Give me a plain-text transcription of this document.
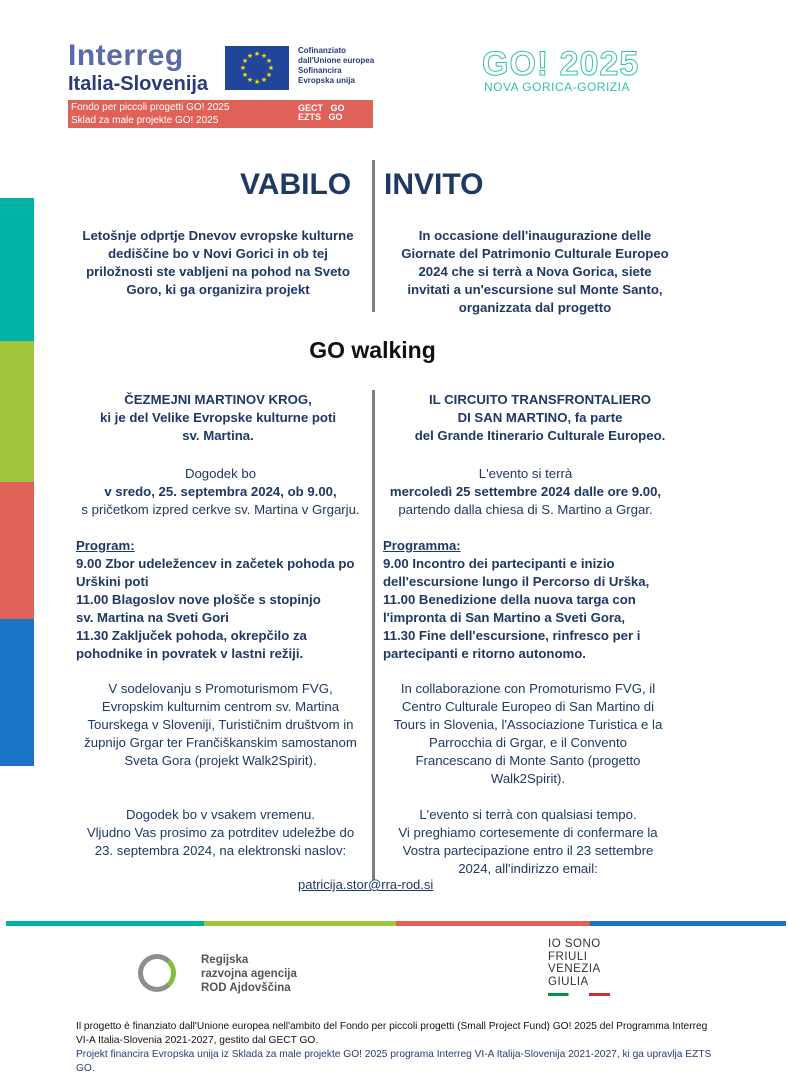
Interreg
Italia-Slovenija
★ ★
★
★
★
★
★
★
★
★
★
★
Cofinanziato
dall'Unione europea
Sofinancira
Evropska unija
Fondo per piccoli progetti GO! 2025
Sklad za male projekte GO! 2025
GECT GO
EZTS GO
GO! 2025
NOVA GORICA-GORIZIA
VABILO INVITO
Letošnje odprtje Dnevov evropske kulturne
dediščine bo v Novi Gorici in ob tej
priložnosti ste vabljeni na pohod na Sveto
Goro, ki ga organizira projekt
In occasione dell'inaugurazione delle
Giornate del Patrimonio Culturale Europeo
2024 che si terrà a Nova Gorica, siete
invitati a un'escursione sul Monte Santo,
organizzata dal progetto
GO walking
ČEZMEJNI MARTINOV KROG,
ki je del Velike Evropske kulturne poti
sv. Martina.
IL CIRCUITO TRANSFRONTALIERO
DI SAN MARTINO, fa parte
del Grande Itinerario Culturale Europeo.
Dogodek bo
v sredo, 25. septembra 2024, ob 9.00,
s pričetkom izpred cerkve sv. Martina v Grgarju.
L'evento si terrà
mercoledì 25 settembre 2024 dalle ore 9.00,
partendo dalla chiesa di S. Martino a Grgar.
Program:
9.00 Zbor udeležencev in začetek pohoda po
Urškini poti
11.00 Blagoslov nove plošče s stopinjo
sv. Martina na Sveti Gori
11.30 Zaključek pohoda, okrepčilo za
pohodnike in povratek v lastni režiji.
Programma:
9.00 Incontro dei partecipanti e inizio
dell'escursione lungo il Percorso di Urška,
11.00 Benedizione della nuova targa con
l'impronta di San Martino a Sveti Gora,
11.30 Fine dell'escursione, rinfresco per i
partecipanti e ritorno autonomo.
V sodelovanju s Promoturismom FVG,
Evropskim kulturnim centrom sv. Martina
Tourskega v Sloveniji, Turističnim društvom in
župnijo Grgar ter Frančiškanskim samostanom
Sveta Gora (projekt Walk2Spirit).
In collaborazione con Promoturismo FVG, il
Centro Culturale Europeo di San Martino di
Tours in Slovenia, l'Associazione Turistica e la
Parrocchia di Grgar, e il Convento
Francescano di Monte Santo (progetto
Walk2Spirit).
Dogodek bo v vsakem vremenu.
Vljudno Vas prosimo za potrditev udeležbe do
23. septembra 2024, na elektronski naslov:
L'evento si terrà con qualsiasi tempo.
Vi preghiamo cortesemente di confermare la
Vostra partecipazione entro il 23 settembre
2024, all'indirizzo email:
patricija.stor@rra-rod.si
Regijska
razvojna agencija
ROD Ajdovščina
IO SONO
FRIULI
VENEZIA
GIULIA
Il progetto è finanziato dall'Unione europea nell'ambito del Fondo per piccoli progetti (Small Project Fund) GO! 2025 del Programma Interreg VI-A Italia-Slovenia 2021-2027, gestito dal GECT GO.
Projekt financira Evropska unija iz Sklada za male projekte GO! 2025 programa Interreg VI-A Italija-Slovenija 2021-2027, ki ga upravlja EZTS GO.
